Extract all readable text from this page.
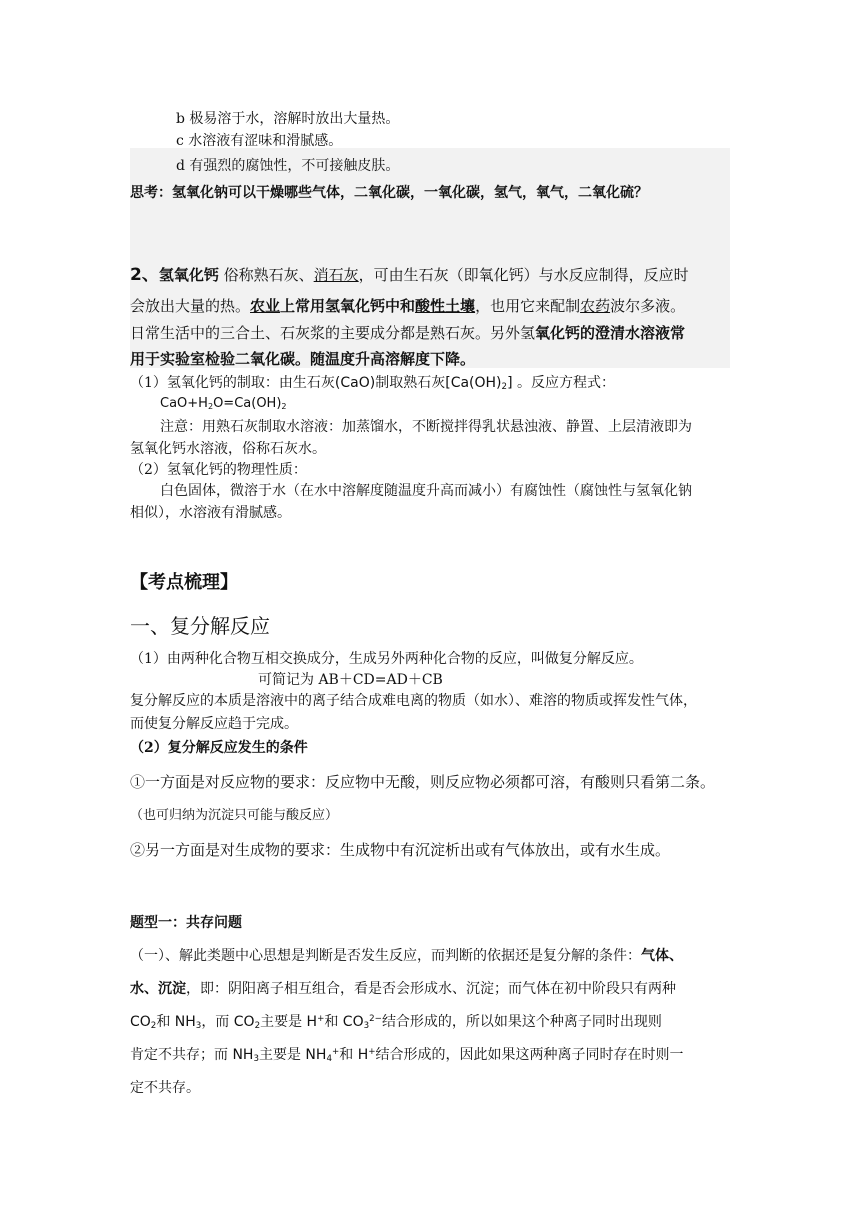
b 极易溶于水，溶解时放出大量热。
c 水溶液有涩味和滑腻感。
d 有强烈的腐蚀性，不可接触皮肤。
思考：氢氧化钠可以干燥哪些气体，二氧化碳，一氧化碳，氢气，氧气，二氧化硫？
2、氢氧化钙 俗称熟石灰、消石灰，可由生石灰（即氧化钙）与水反应制得，反应时
会放出大量的热。农业上常用氢氧化钙中和酸性土壤，也用它来配制农药波尔多液。
日常生活中的三合土、石灰浆的主要成分都是熟石灰。另外氢氧化钙的澄清水溶液常
用于实验室检验二氧化碳。随温度升高溶解度下降。
（1）氢氧化钙的制取：由生石灰(CaO)制取熟石灰$[Ca(OH)_2]$ 。反应方程式：
$CaO+H_2O=Ca(OH)_2$
注意：用熟石灰制取水溶液：加蒸馏水，不断搅拌得乳状悬浊液、静置、上层清液即为
氢氧化钙水溶液，俗称石灰水。
（2）氢氧化钙的物理性质：
白色固体，微溶于水（在水中溶解度随温度升高而减小）有腐蚀性（腐蚀性与氢氧化钠
相似），水溶液有滑腻感。
【考点梳理】
一、复分解反应
（1）由两种化合物互相交换成分，生成另外两种化合物的反应，叫做复分解反应。
可简记为 AB＋CD=AD＋CB
复分解反应的本质是溶液中的离子结合成难电离的物质（如水）、难溶的物质或挥发性气体，
而使复分解反应趋于完成。
（2）复分解反应发生的条件
①一方面是对反应物的要求：反应物中无酸，则反应物必须都可溶，有酸则只看第二条。
（也可归纳为沉淀只可能与酸反应）
②另一方面是对生成物的要求：生成物中有沉淀析出或有气体放出，或有水生成。
题型一：共存问题
（一）、解此类题中心思想是判断是否发生反应，而判断的依据还是复分解的条件：气体、
水、沉淀，即：阴阳离子相互组合，看是否会形成水、沉淀；而气体在初中阶段只有两种
$CO_2$和 $NH_3$，而 $CO_2$主要是 H+和 $CO_3^{2-}$结合形成的，所以如果这个种离子同时出现则
肯定不共存；而 $NH_3$主要是 $NH_4^+$和 H+结合形成的，因此如果这两种离子同时存在时则一
定不共存。
